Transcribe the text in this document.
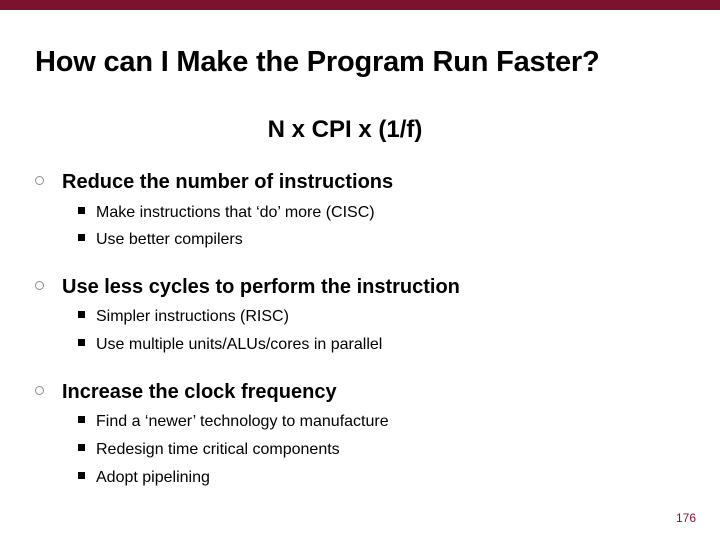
How can I Make the Program Run Faster?
N x CPI x (1/f)
Reduce the number of instructions
Make instructions that ‘do’ more (CISC)
Use better compilers
Use less cycles to perform the instruction
Simpler instructions (RISC)
Use multiple units/ALUs/cores in parallel
Increase the clock frequency
Find a ‘newer’ technology to manufacture
Redesign time critical components
Adopt pipelining
176
